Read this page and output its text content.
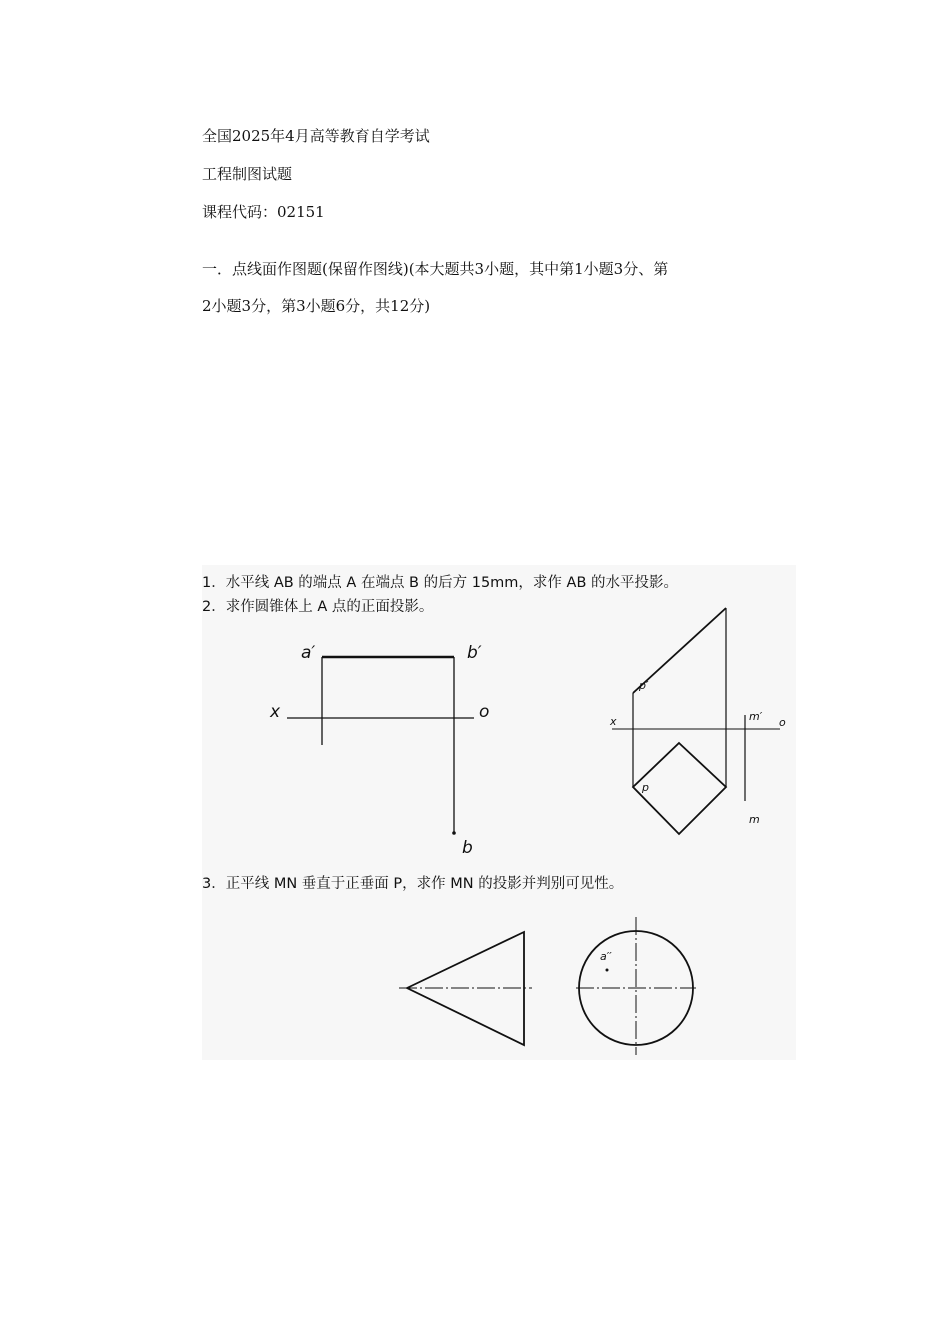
全国2025年4月高等教育自学考试
工程制图试题
课程代码：02151
一．点线面作图题(保留作图线)(本大题共3小题，其中第1小题3分、第
2小题3分，第3小题6分，共12分)
1．水平线 AB 的端点 A 在端点 B 的后方 15mm，求作 AB 的水平投影。
2．求作圆锥体上 A 点的正面投影。
3．正平线 MN 垂直于正垂面 P，求作 MN 的投影并判别可见性。
a′	b′
x	o
b
p′
x	m′ o
p
m
a′′
